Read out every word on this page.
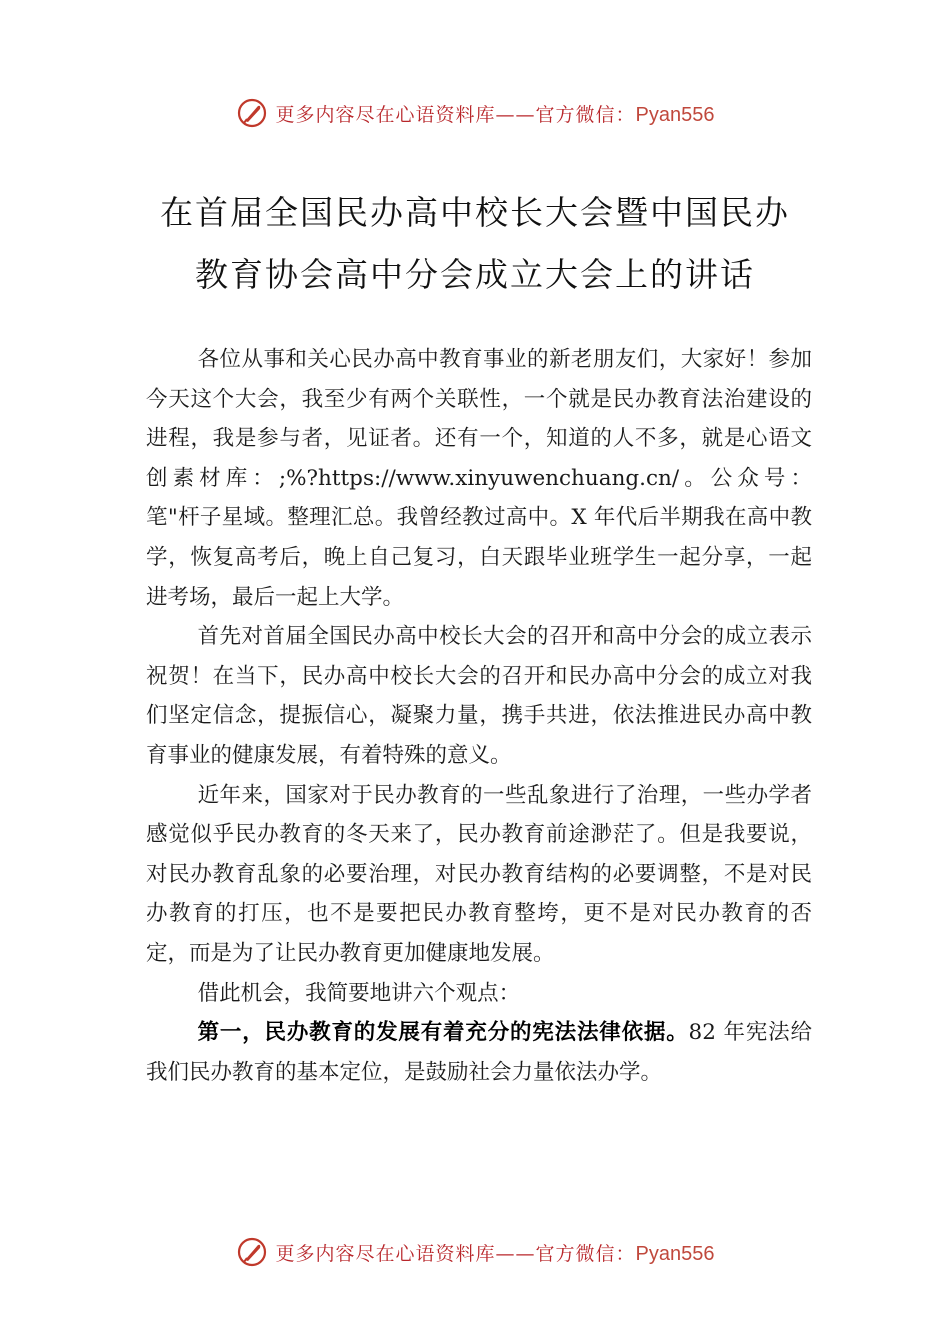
更多内容尽在心语资料库——官方微信：Pyan556
在首届全国民办高中校长大会暨中国民办
教育协会高中分会成立大会上的讲话

各位从事和关心民办高中教育事业的新老朋友们，大家好！参加今天这个大会，我至少有两个关联性，一个就是民办教育法治建设的进程，我是参与者，见证者。还有一个，知道的人不多，就是心语文创素材库：;%?https://www.xinyuwenchuang.cn/。公众号：笔"杆子星域。整理汇总。我曾经教过高中。X 年代后半期我在高中教学，恢复高考后，晚上自己复习，白天跟毕业班学生一起分享，一起进考场，最后一起上大学。

首先对首届全国民办高中校长大会的召开和高中分会的成立表示祝贺！在当下，民办高中校长大会的召开和民办高中分会的成立对我们坚定信念，提振信心，凝聚力量，携手共进，依法推进民办高中教育事业的健康发展，有着特殊的意义。

近年来，国家对于民办教育的一些乱象进行了治理，一些办学者感觉似乎民办教育的冬天来了，民办教育前途渺茫了。但是我要说，对民办教育乱象的必要治理，对民办教育结构的必要调整，不是对民办教育的打压，也不是要把民办教育整垮，更不是对民办教育的否定，而是为了让民办教育更加健康地发展。

借此机会，我简要地讲六个观点：

第一，民办教育的发展有着充分的宪法法律依据。82 年宪法给我们民办教育的基本定位，是鼓励社会力量依法办学。

更多内容尽在心语资料库——官方微信：Pyan556
